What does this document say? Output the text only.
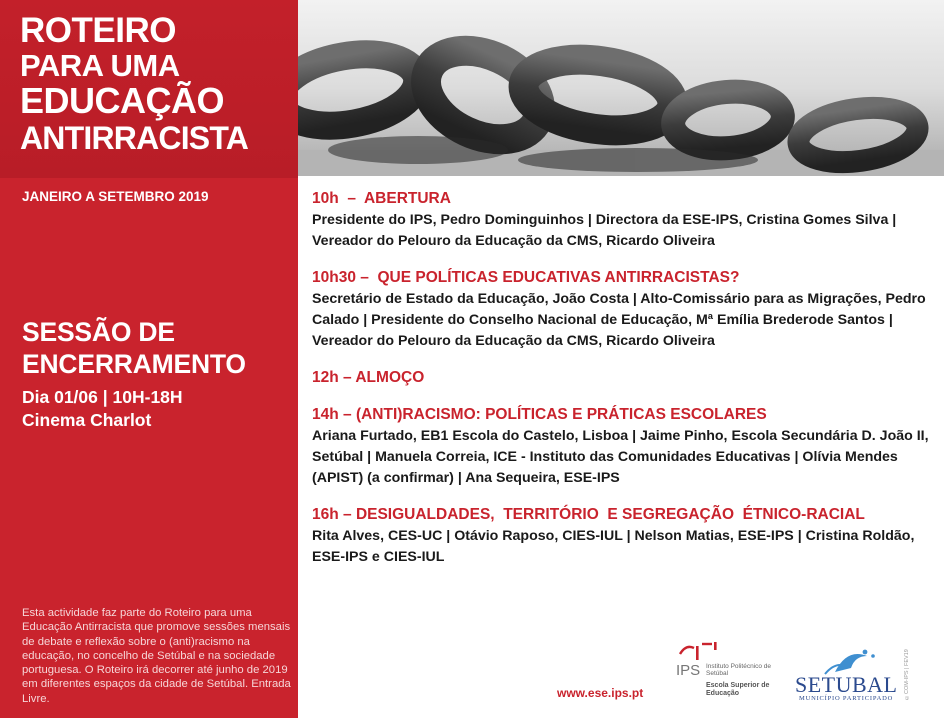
ROTEIRO
PARA UMA
EDUCAÇÃO
ANTIRRACISTA
JANEIRO A SETEMBRO 2019
SESSÃO DE
ENCERRAMENTO
Dia 01/06 | 10H-18H
Cinema Charlot
Esta actividade faz parte do Roteiro para uma Educação Antirracista que promove sessões mensais de debate e reflexão sobre o (anti)racismo na educação, no concelho de Setúbal e na sociedade portuguesa. O Roteiro irá decorrer até junho de 2019 em diferentes espaços da cidade de Setúbal. Entrada Livre.
10h  –  ABERTURA
Presidente do IPS, Pedro Dominguinhos | Directora da ESE-IPS, Cristina Gomes Silva | Vereador do Pelouro da Educação da CMS, Ricardo Oliveira
10h30 –  QUE POLÍTICAS EDUCATIVAS ANTIRRACISTAS?
Secretário de Estado da Educação, João Costa | Alto-Comissário para as Migrações, Pedro Calado | Presidente do Conselho Nacional de Educação, Mª Emília Brederode Santos | Vereador do Pelouro da Educação da CMS, Ricardo Oliveira
12h – ALMOÇO
14h – (ANTI)RACISMO: POLÍTICAS E PRÁTICAS ESCOLARES
Ariana Furtado, EB1 Escola do Castelo, Lisboa | Jaime Pinho, Escola Secundária D. João II, Setúbal | Manuela Correia, ICE - Instituto das Comunidades Educativas | Olívia Mendes (APIST) (a confirmar) | Ana Sequeira, ESE-IPS
16h – DESIGUALDADES,  TERRITÓRIO  E SEGREGAÇÃO  ÉTNICO-RACIAL
Rita Alves, CES-UC | Otávio Raposo, CIES-IUL | Nelson Matias, ESE-IPS | Cristina Roldão, ESE-IPS e CIES-IUL
www.ese.ips.pt
IPS Instituto Politécnico de Setúbal
Escola Superior de Educação	SETUBAL
MUNICÍPIO PARTICIPADO ©COM-IPS | FEV19
